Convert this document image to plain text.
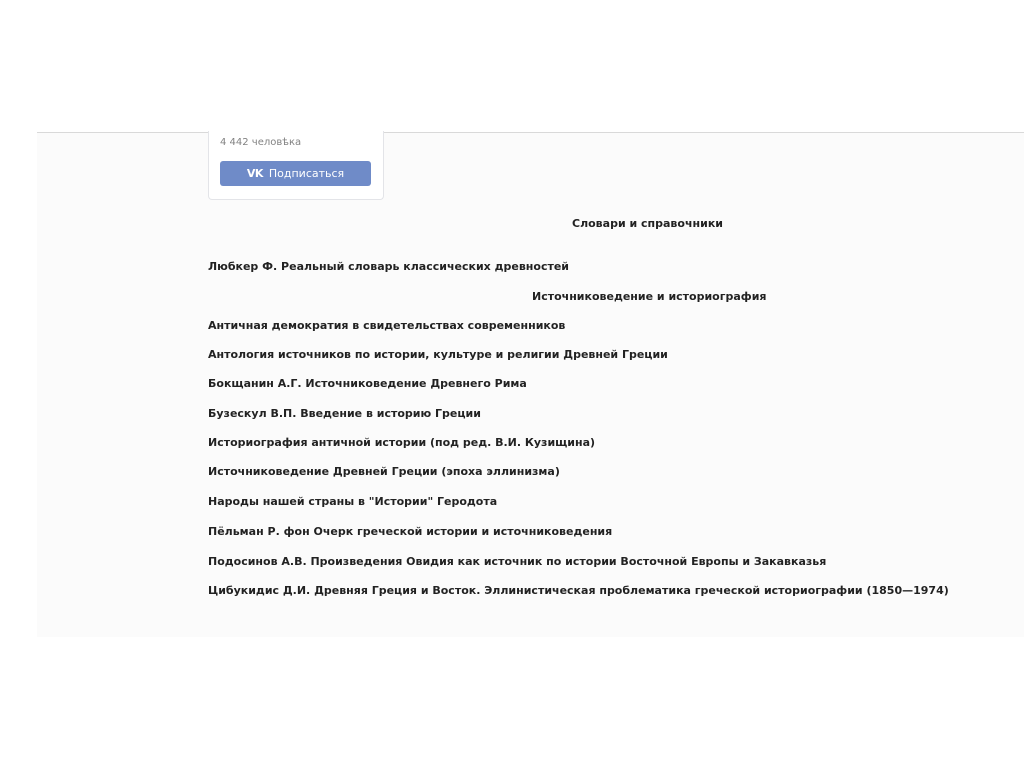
4 442 человѣка
VK Подписаться
Словари и справочники
Любкер Ф. Реальный словарь классических древностей
Источниковедение и историография
Античная демократия в свидетельствах современников
Антология источников по истории, культуре и религии Древней Греции
Бокщанин А.Г. Источниковедение Древнего Рима
Бузескул В.П. Введение в историю Греции
Историография античной истории (под ред. В.И. Кузищина)
Источниковедение Древней Греции (эпоха эллинизма)
Народы нашей страны в "Истории" Геродота
Пёльман Р. фон Очерк греческой истории и источниковедения
Подосинов А.В. Произведения Овидия как источник по истории Восточной Европы и Закавказья
Цибукидис Д.И. Древняя Греция и Восток. Эллинистическая проблематика греческой историографии (1850—1974)
